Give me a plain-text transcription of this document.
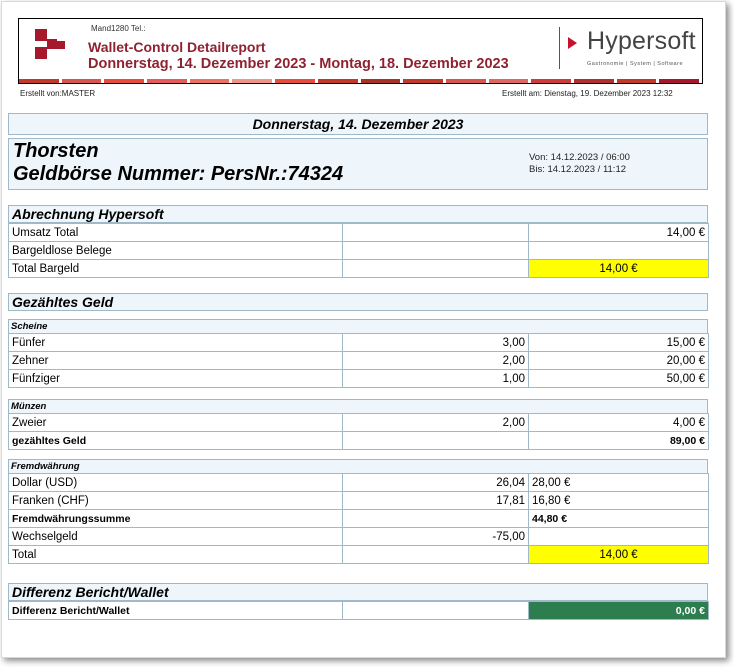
Mand1280 Tel.:
Wallet-Control Detailreport
Donnerstag, 14. Dezember 2023 - Montag, 18. Dezember 2023
Hypersoft
Gastronomie | System | Software
Erstellt von:MASTER	Erstellt am: Dienstag, 19. Dezember 2023 12:32
Donnerstag, 14. Dezember 2023
Thorsten
Geldbörse Nummer: PersNr.:74324
Von: 14.12.2023 / 06:00
Bis: 14.12.2023 / 11:12
Abrechnung Hypersoft
Umsatz Total		14,00 €
Bargeldlose Belege		
Total Bargeld		14,00 €
Gezähltes Geld
Scheine
Fünfer	3,00	15,00 €
Zehner	2,00	20,00 €
Fünfziger	1,00	50,00 €
Münzen
Zweier	2,00	4,00 €
gezähltes Geld		89,00 €
Fremdwährung
Dollar (USD)	26,04	28,00 €
Franken (CHF)	17,81	16,80 €
Fremdwährungssumme		44,80 €
Wechselgeld	-75,00	
Total		14,00 €
Differenz Bericht/Wallet
Differenz Bericht/Wallet		0,00 €
